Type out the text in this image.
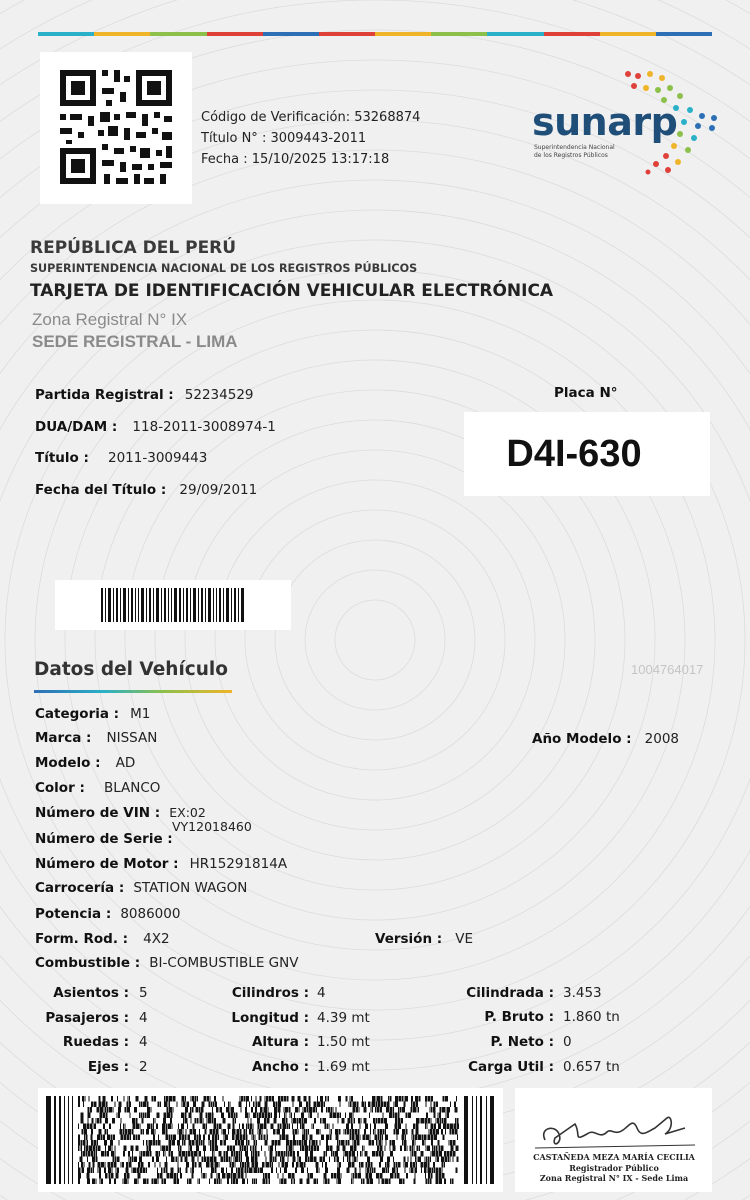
Código de Verificación: 53268874
Título N° : 3009443-2011
Fecha : 15/10/2025 13:17:18
sunarp
Superintendencia Nacional
de los Registros Públicos
REPÚBLICA DEL PERÚ
SUPERINTENDENCIA NACIONAL DE LOS REGISTROS PÚBLICOS
TARJETA DE IDENTIFICACIÓN VEHICULAR ELECTRÓNICA
Zona Registral N° IX
SEDE REGISTRAL - LIMA
Partida Registral : 52234529
DUA/DAM : 118-2011-3008974-1
Título : 2011-3009443
Fecha del Título : 29/09/2011
Placa N°
D4I-630
Datos del Vehículo	1004764017
Categoria : M1
Marca : NISSAN	Año Modelo : 2008
Modelo : AD
Color : BLANCO
Número de VIN : EX:02
Número de Serie :
VY12018460
Número de Motor : HR15291814A
Carrocería : STATION WAGON
Potencia : 8086000
Form. Rod. : 4X2	Versión : VE
Combustible : BI-COMBUSTIBLE GNV
Asientos : 5
Pasajeros : 4
Ruedas : 4
Ejes : 2
Cilindros : 4
Longitud : 4.39 mt
Altura : 1.50 mt
Ancho : 1.69 mt
Cilindrada : 3.453
P. Bruto : 1.860 tn
P. Neto : 0
Carga Util : 0.657 tn
CASTAÑEDA MEZA MARÍA CECILIA
Registrador Público
Zona Registral N° IX - Sede Lima
